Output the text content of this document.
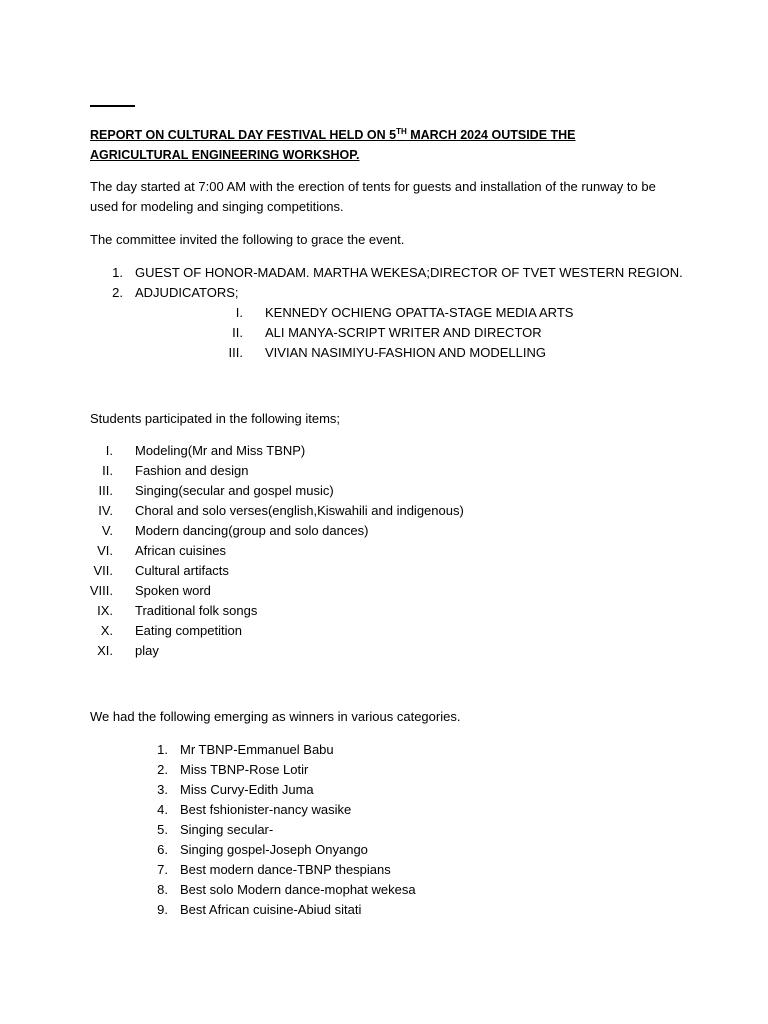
REPORT ON CULTURAL DAY FESTIVAL HELD ON 5TH MARCH 2024 OUTSIDE THE AGRICULTURAL ENGINEERING WORKSHOP.

The day started at 7:00 AM with the erection of tents for guests and installation of the runway to be used for modeling and singing competitions.

The committee invited the following to grace the event.

1. GUEST OF HONOR-MADAM. MARTHA WEKESA;DIRECTOR OF TVET WESTERN REGION.
2. ADJUDICATORS;
I. KENNEDY OCHIENG OPATTA-STAGE MEDIA ARTS
II. ALI MANYA-SCRIPT WRITER AND DIRECTOR
III. VIVIAN NASIMIYU-FASHION AND MODELLING

Students participated in the following items;

I. Modeling(Mr and Miss TBNP)
II. Fashion and design
III. Singing(secular and gospel music)
IV. Choral and solo verses(english,Kiswahili and indigenous)
V. Modern dancing(group and solo dances)
VI. African cuisines
VII. Cultural artifacts
VIII. Spoken word
IX. Traditional folk songs
X. Eating competition
XI. play

We had the following emerging as winners in various categories.

1. Mr TBNP-Emmanuel Babu
2. Miss TBNP-Rose Lotir
3. Miss Curvy-Edith Juma
4. Best fshionister-nancy wasike
5. Singing secular-
6. Singing gospel-Joseph Onyango
7. Best modern dance-TBNP thespians
8. Best solo Modern dance-mophat wekesa
9. Best African cuisine-Abiud sitati
